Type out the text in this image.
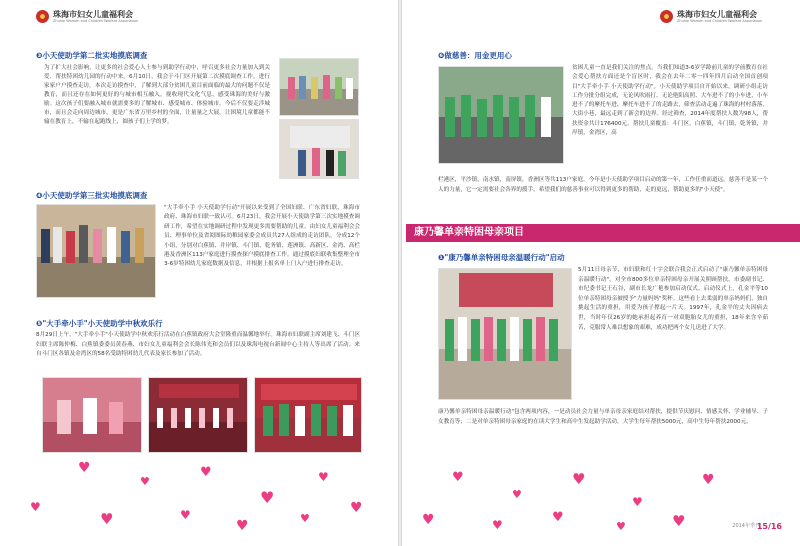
珠海市妇女儿童福利会
Zhuhai Women and Children Welfare Association
❸小天使助学第二批实地摸底调查
为了扩大社会影响，让更多的社会爱心人士参与到助学行动中，呼召更多社会力量加入到关爱、帮扶特困幼儿园的行动中来。6月10日，我会于斗门区开展第二次摸底调查工作，进行家家户户摸查走访。本次走访摸查中，了解到大部分贫困儿童目前面临的最大的问题不仅是教育，而且还存在如何更好的与城市相互融入，视收现代文化气息，感受珠海的美好与激励。这次孩子们要融入城市就需要多的了解城市、感受城市、体验城市。今后不仅要走涉城市，而且会走向周边城市，更是广东省万里乡村的全面，让量量之大展，让困境儿童都能不输在教育上，不输在起跑线上，圆孩子们上学的梦。
❹小天使助学第三批实地摸底调查
"大手牵小手 小天使助学行动"开展以来受到了全国妇联、广东省妇联、珠海市政府、珠海市妇联一致认可。6月23日，我会开展小天使助学第三次实地摸查调研工作，希望在实地调研过程中发现更多需要帮助的儿童。由妇女儿童福利会会员、理事单位及省阅图际幼稚园家委会成员共27人组成的走访团队，分成12个小组，分别对白蕉镇、井岸镇、斗门镇、乾务镇、莲洲镇、高新区、金湾、高栏港及香洲区113户家庭进行摸查探户摸底排查工作。通过摸底妇联收集整理全市3-6岁特困幼儿家庭数据及信息，并根据上报名单上门入户进行排查走访。
❺"大手牵小手"小天使助学中秋欢乐行
8月29日上午，"大手牵小手"小天使助学中秋欢乐行活动在白蕉镇政府大会堂隆重而温馨地举行。珠海市妇联副主席刘建飞、斗门区妇联主席陈仲梅、白蕉镇委委员黄春燕、市妇女儿童福利会会长陈伟光和会员们以及珠海电视台新闻中心主持人等出席了活动。来自斗门区各镇及金湾区的58名受助特困幼儿代表及家长参加了活动。
♥
♥
♥
♥
♥
♥
♥	♥
♥	♥
♥
珠海市妇女儿童福利会
Zhuhai Women and Children Welfare Association
❻做慈善：用金更用心
贫困儿童一直是我们关注的焦点。当我们知道3-6岁学龄前儿童的学前教育在社会爱心帮扶方面还是个盲区时，我会在去年二零一四年四月启动全国首创项目"大手牵小手 小天使助学行动"。小天使助学项目自开始以来，调研小组走访工作分批分组完成，无论风吹雨打、无论艳阳高照、大车进不了的小车进，小车进不了的摩托车进、摩托车进不了的走路去，筛查活动走遍了珠海的村村落落，大街小巷，最远走到了新会的边界。经过筛查，2014年度帮扶人数为98人，帮扶资金共计176400元。帮扶儿童覆盖：斗门区，白蕉镇，斗门镇，乾务镇，井岸镇，金湾区，高
栏港区，平沙镇，南水镇，南屏镇，香洲区等共113户家庭。今年是小天使助学项目启动的第一年，工作任重而道远。慈善不是某一个人的力量，它一定需要社会各界的援手，希望我们的慈善事业可以得到更多的帮助，走的更远，帮助更多的"小天使"。
康乃馨单亲特困母亲项目
❶"康乃馨单亲特困母亲温暖行动"启动
5月11日母亲节，市妇联和红十字会联合我会正式启动了"康乃馨单亲特困母亲温暖行动"，对全市800多位单亲特困母亲开展关照顾帮扶。市委副书记、市纪委书记王石谷，副市长龙广艳参加启动仪式。启动仪式上，孔金平等10位单亲特困母亲被授予"力量妈妈"奖杯。这些看上去柔弱的单亲妈妈们，独自挑起生活的重担，用爱为孩子撑起一片天。1997年，孔金平的丈夫因病去世，当时年仅26岁的她承担起养育一对双胞胎女儿的重担，18年来含辛茹苦，克服常人难以想象的艰难，成功把两个女儿送进了大学。
康乃馨单亲特困母亲温暖行动"包含两项内容，一是动员社会力量与单亲母亲家庭结对帮扶，提供节庆慰问、情感关怀、学业辅导、子女教育等；二是对单亲特困母亲家庭的在读大学生和高中生发起助学活动，大学生每年帮扶5000元，高中生每年帮扶2000元。
♥
♥
♥
♥
♥
♥	♥	♥
♥	♥	2014年季刊
15/16
